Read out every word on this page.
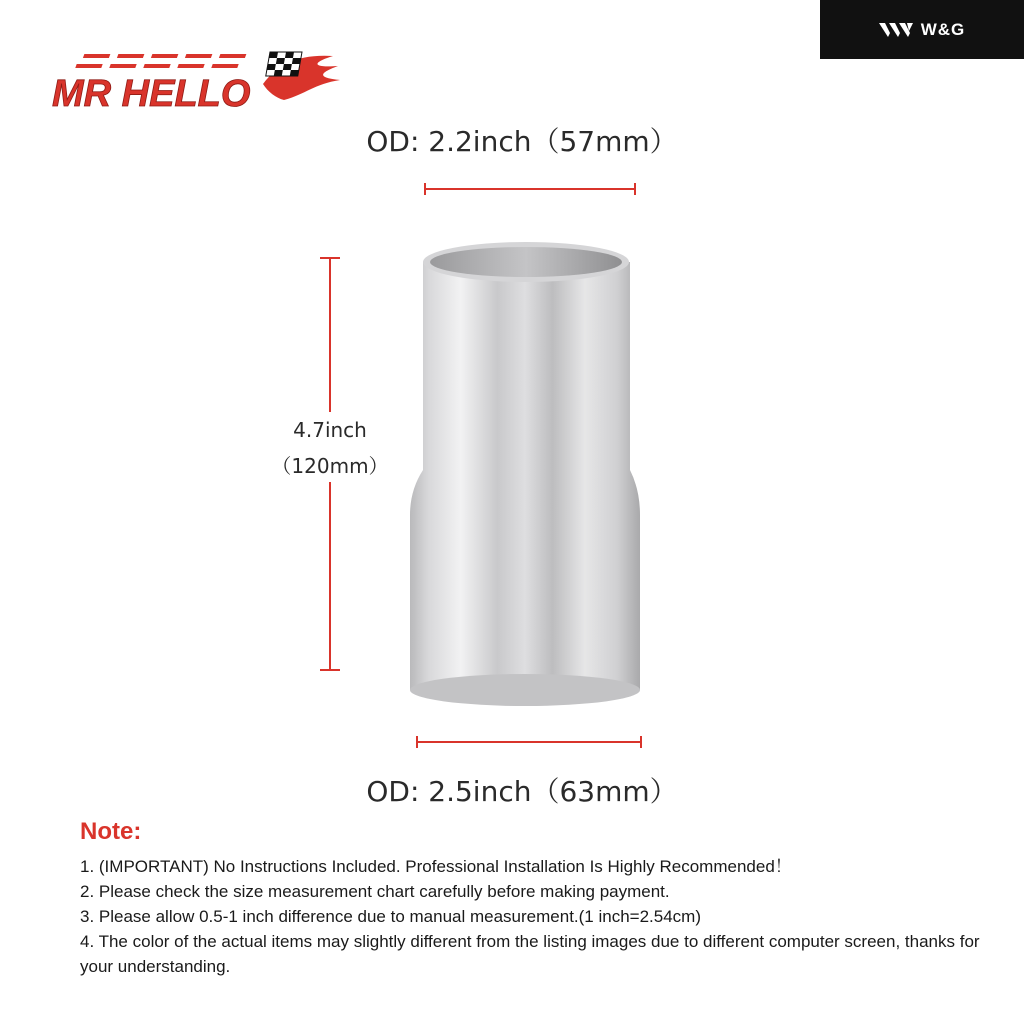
W&G
MR HELLO
OD: 2.2inch（57mm）
4.7inch
（120mm）
OD: 2.5inch（63mm）
Note:

1. (IMPORTANT) No Instructions Included. Professional Installation Is Highly Recommended！

2. Please check the size measurement chart carefully before making payment.

3. Please allow 0.5-1 inch difference due to manual measurement.(1 inch=2.54cm)

4. The color of the actual items may slightly different from the listing images due to different computer screen, thanks for your understanding.
